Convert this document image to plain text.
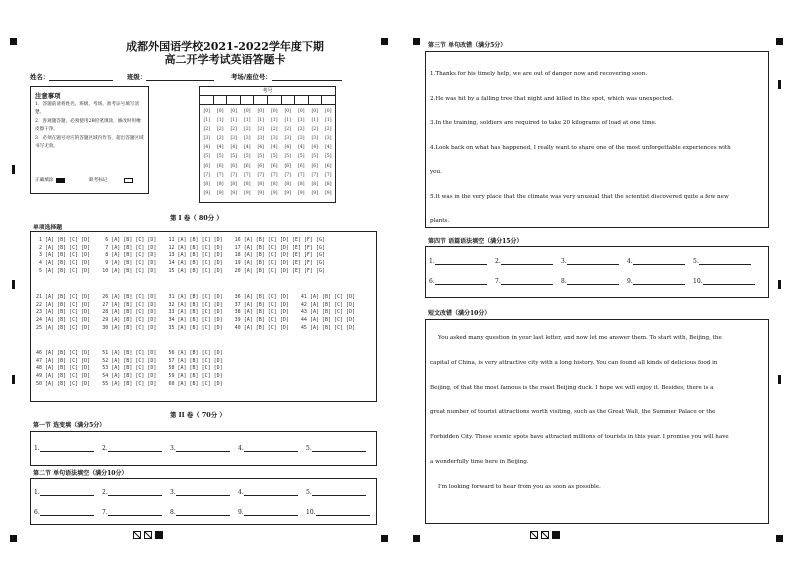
成都外国语学校2021-2022学年度下期
高二开学考试英语答题卡
姓名：	班级：	考场/座位号：
注意事项
1．答题前请将姓名、班级、考场、准考证号填写清楚。
2．客观题答题，必须使用2B铅笔填涂，修改时用橡皮擦干净。
3．必须在题号对应的答题区域内作答，超出答题区域书写无效。
正确填涂	缺考标记
考号
[0]	[0]	[0]	[0]	[0]	[0]	[0]	[0]	[0]	[0]
[1]	[1]	[1]	[1]	[1]	[1]	[1]	[1]	[1]	[1]
[2]	[2]	[2]	[2]	[2]	[2]	[2]	[2]	[2]	[2]
[3]	[3]	[3]	[3]	[3]	[3]	[3]	[3]	[3]	[3]
[4]	[4]	[4]	[4]	[4]	[4]	[4]	[4]	[4]	[4]
[5]	[5]	[5]	[5]	[5]	[5]	[5]	[5]	[5]	[5]
[6]	[6]	[6]	[6]	[6]	[6]	[6]	[6]	[6]	[6]
[7]	[7]	[7]	[7]	[7]	[7]	[7]	[7]	[7]	[7]
[8]	[8]	[8]	[8]	[8]	[8]	[8]	[8]	[8]	[8]
[9]	[9]	[9]	[9]	[9]	[9]	[9]	[9]	[9]	[9]
第 I 卷（ 80分 ）
单项选择题
1 [A] [B] [C] [D]     6 [A] [B] [C] [D]    11 [A] [B] [C] [D]    16 [A] [B] [C] [D] [E] [F] [G]
2 [A] [B] [C] [D]     7 [A] [B] [C] [D]    12 [A] [B] [C] [D]    17 [A] [B] [C] [D] [E] [F] [G]
3 [A] [B] [C] [D]     8 [A] [B] [C] [D]    13 [A] [B] [C] [D]    18 [A] [B] [C] [D] [E] [F] [G]
4 [A] [B] [C] [D]     9 [A] [B] [C] [D]    14 [A] [B] [C] [D]    19 [A] [B] [C] [D] [E] [F] [G]
5 [A] [B] [C] [D]    10 [A] [B] [C] [D]    15 [A] [B] [C] [D]    20 [A] [B] [C] [D] [E] [F] [G]
21 [A] [B] [C] [D]    26 [A] [B] [C] [D]    31 [A] [B] [C] [D]    36 [A] [B] [C] [D]    41 [A] [B] [C] [D]
22 [A] [B] [C] [D]    27 [A] [B] [C] [D]    32 [A] [B] [C] [D]    37 [A] [B] [C] [D]    42 [A] [B] [C] [D]
23 [A] [B] [C] [D]    28 [A] [B] [C] [D]    33 [A] [B] [C] [D]    38 [A] [B] [C] [D]    43 [A] [B] [C] [D]
24 [A] [B] [C] [D]    29 [A] [B] [C] [D]    34 [A] [B] [C] [D]    39 [A] [B] [C] [D]    44 [A] [B] [C] [D]
25 [A] [B] [C] [D]    30 [A] [B] [C] [D]    35 [A] [B] [C] [D]    40 [A] [B] [C] [D]    45 [A] [B] [C] [D]
46 [A] [B] [C] [D]    51 [A] [B] [C] [D]    56 [A] [B] [C] [D]
47 [A] [B] [C] [D]    52 [A] [B] [C] [D]    57 [A] [B] [C] [D]
48 [A] [B] [C] [D]    53 [A] [B] [C] [D]    58 [A] [B] [C] [D]
49 [A] [B] [C] [D]    54 [A] [B] [C] [D]    59 [A] [B] [C] [D]
50 [A] [B] [C] [D]    55 [A] [B] [C] [D]    60 [A] [B] [C] [D]
第 II 卷（ 70分 ）
第一节 选变填（满分5分）
1.	2.	3.	4.	5.
第二节 单句语法填空（满分10分）
1.	2.	3.	4.	5.
6.	7.	8.	9.	10.
第三节 单句改错（满分5分）
1.Thanks for his timely help, we are out of danger now and recovering soon.
2.He was hit by a falling tree that night and killed in the spot, which was unexpected.
3.In the training, soldiers are required to take 20 kilograms of load at one time.
4.Look back on what has happened, I really want to share one of the most unforgettable experiences with
you.
5.It was in the very place that the climate was very unusual that the scientist discovered quite a few new
plants.
第四节 语篇语法填空（满分15分）
1.	2.	3.	4.	5.
6.	7.	8.	9.	10.
短文改错（满分10分）
You asked many question in your last letter, and now let me answer them. To start with, Beijing, the
capital of China, is very attractive city with a long history. You can found all kinds of delicious food in
Beijing, of that the most famous is the roast Beijing duck. I hope we will enjoy it. Besides, there is a
great number of tourist attractions worth visiting, such as the Great Wall, the Summer Palace or the
Forbidden City. These scenic spots have attracted millions of tourists in this year. I promise you will have
a wonderfully time here in Beijing.
I'm looking forward to hear from you as soon as possible.
